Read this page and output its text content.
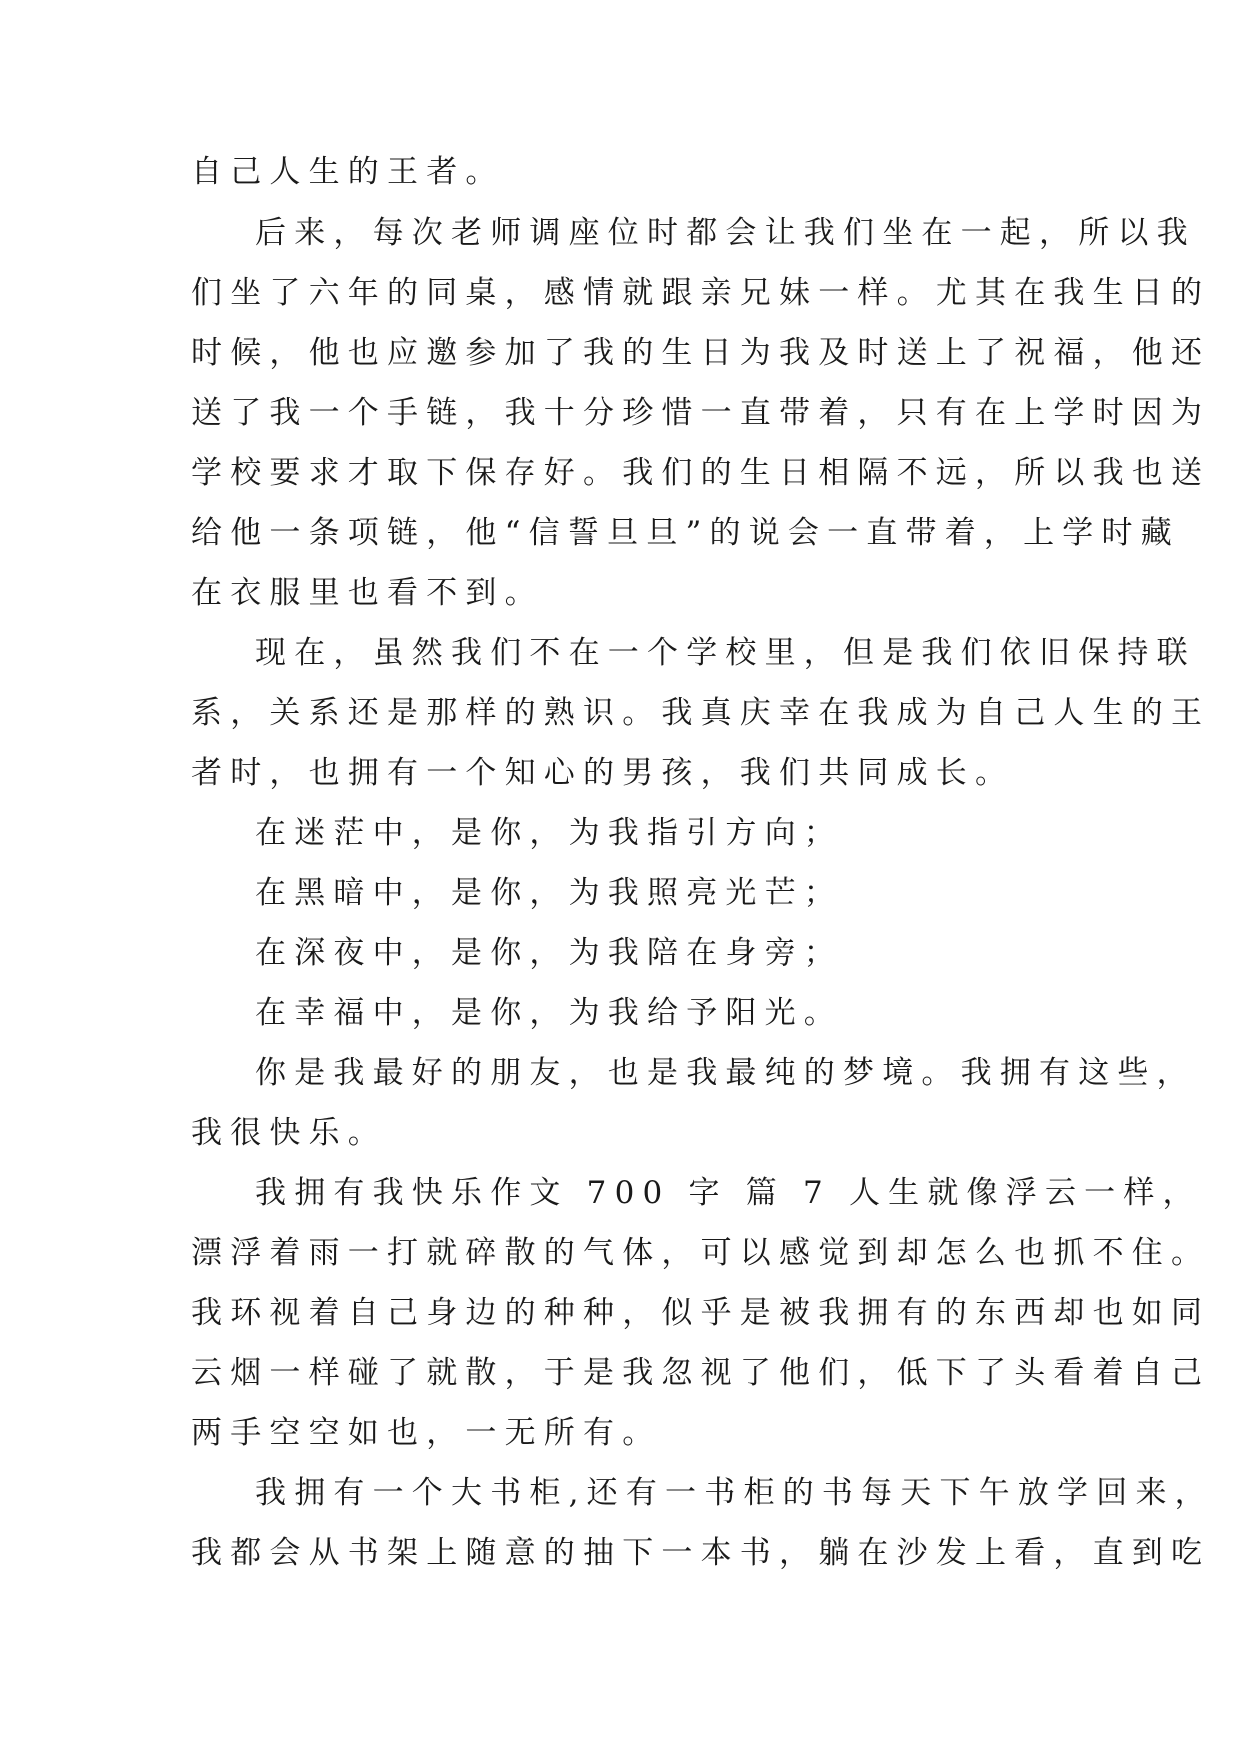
自己人生的王者。
后来，每次老师调座位时都会让我们坐在一起，所以我
们坐了六年的同桌，感情就跟亲兄妹一样。尤其在我生日的
时候，他也应邀参加了我的生日为我及时送上了祝福，他还
送了我一个手链，我十分珍惜一直带着，只有在上学时因为
学校要求才取下保存好。我们的生日相隔不远，所以我也送
给他一条项链，他“信誓旦旦”的说会一直带着，上学时藏
在衣服里也看不到。
现在，虽然我们不在一个学校里，但是我们依旧保持联
系，关系还是那样的熟识。我真庆幸在我成为自己人生的王
者时，也拥有一个知心的男孩，我们共同成长。
在迷茫中，是你，为我指引方向；
在黑暗中，是你，为我照亮光芒；
在深夜中，是你，为我陪在身旁；
在幸福中，是你，为我给予阳光。
你是我最好的朋友，也是我最纯的梦境。我拥有这些，
我很快乐。
我拥有我快乐作文 700 字 篇 7 人生就像浮云一样，
漂浮着雨一打就碎散的气体，可以感觉到却怎么也抓不住。
我环视着自己身边的种种，似乎是被我拥有的东西却也如同
云烟一样碰了就散，于是我忽视了他们，低下了头看着自己
两手空空如也，一无所有。
我拥有一个大书柜,还有一书柜的书每天下午放学回来，
我都会从书架上随意的抽下一本书，躺在沙发上看，直到吃
